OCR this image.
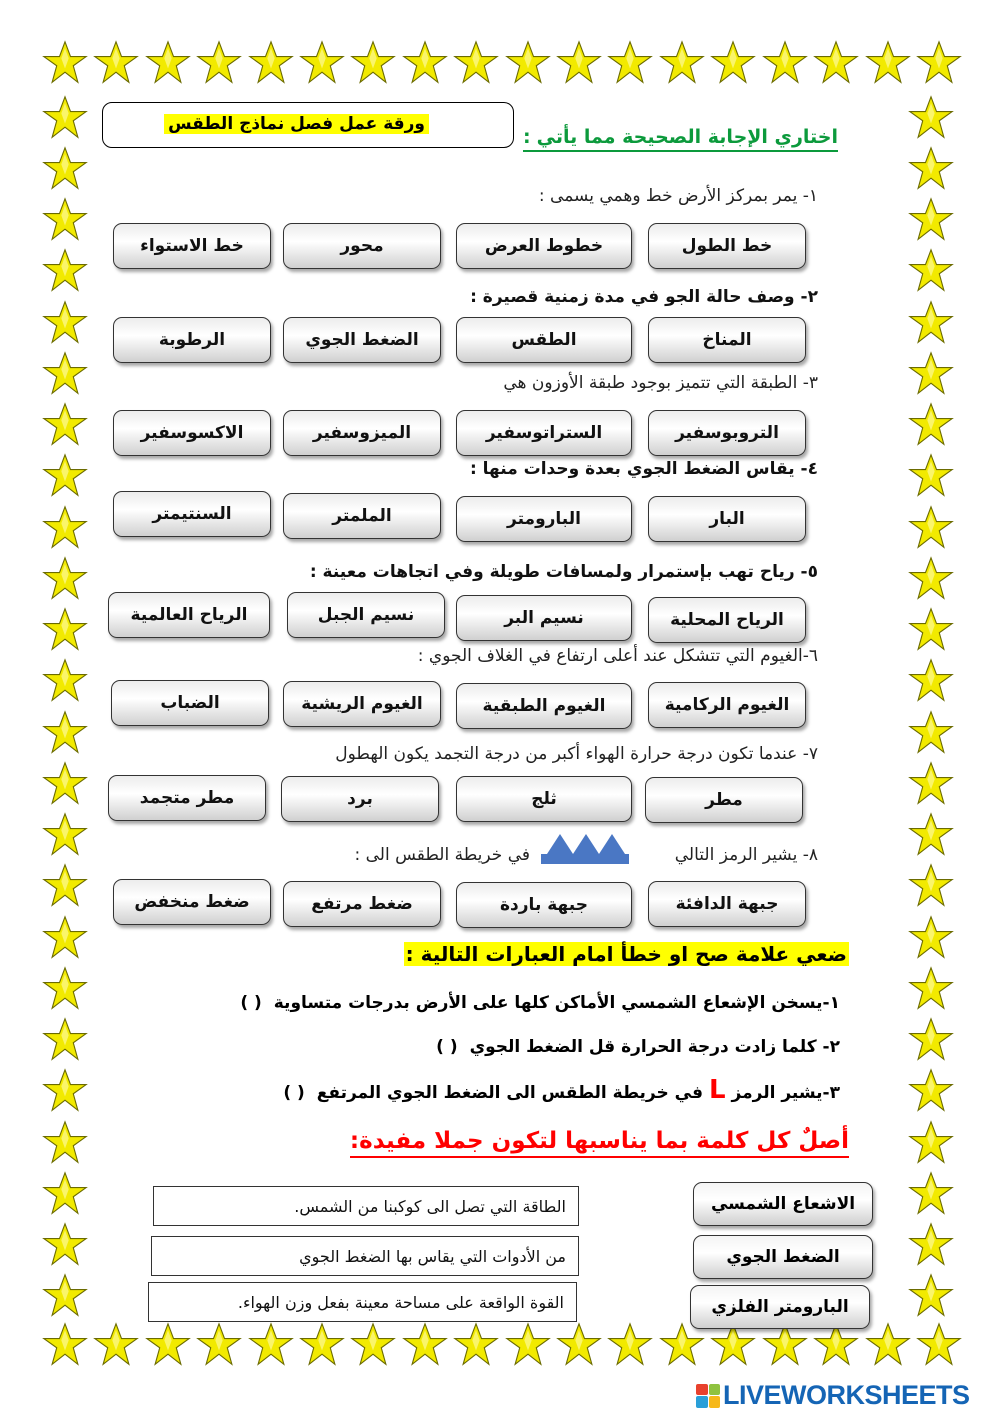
ورقة عمل فصل نماذج الطقس
اختاري الإجابة الصحيحة مما يأتي:
١- يمر بمركز الأرض خط وهمي يسمى :
خط الطول
خطوط العرض
محور
خط الاستواء
٢- وصف حالة الجو في مدة زمنية قصيرة :
المناخ
الطقس
الضغط الجوي
الرطوبة
٣- الطبقة التي تتميز بوجود طبقة الأوزون هي
التروبوسفير
الستراتوسفير
الميزوسفير
الاكسوسفير
٤- يقاس الضغط الجوي بعدة وحدات منها :
البار
البارومتر
الملمتر
السنتيمتر
٥- رياح تهب بإستمرار ولمسافات طويلة وفي اتجاهات معينة :
الرياح المحلية
نسيم البر
نسيم الجبل
الرياح العالمية
٦-الغيوم التي تتشكل عند أعلى ارتفاع في الغلاف الجوي :
الغيوم الركامية
الغيوم الطبقية
الغيوم الريشية
الضباب
٧- عندما تكون درجة حرارة الهواء أكبر من درجة التجمد يكون الهطول
مطر
ثلج
برد
مطر متجمد
٨- يشير الرمز التالي
في خريطة الطقس الى :
جبهة الدافئة
جبهة باردة
ضغط مرتفع
ضغط منخفض
ضعي علامة صح او خطأ امام العبارات التالية :
١-يسخن الإشعاع الشمسي الأماكن كلها على الأرض بدرجات متساوية ( )
٢- كلما زادت درجة الحرارة قل الضغط الجوي ( )
٣-يشير الرمزLفي خريطة الطقس الى الضغط الجوي المرتفع ( )
أصلٌ كل كلمة بما يناسبها لتكون جملا مفيدة:
الطاقة التي تصل الى كوكبنا من الشمس.
من الأدوات التي يقاس بها الضغط الجوي
القوة الواقعة على مساحة معينة بفعل وزن الهواء.
الاشعاع الشمسي
الضغط الجوي
البارومتر الفلزي
LIVEWORKSHEETS
